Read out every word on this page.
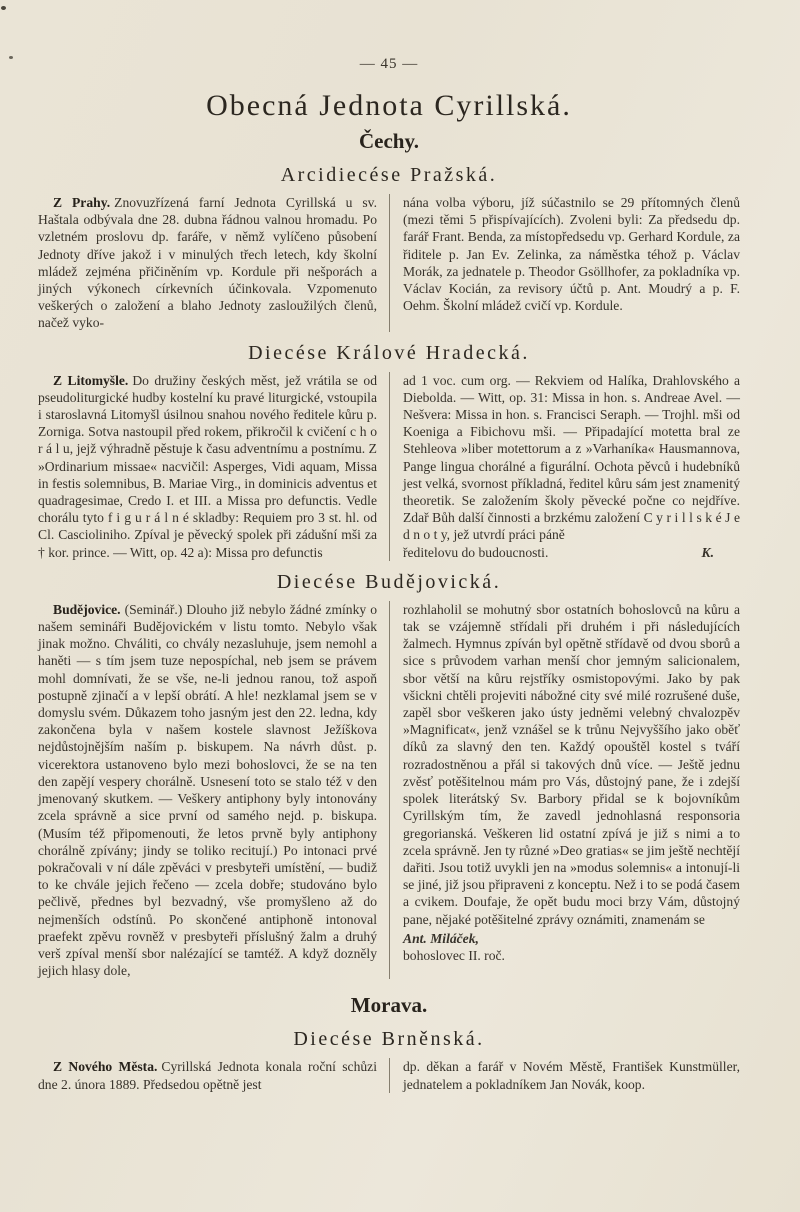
— 45 —
Obecná Jednota Cyrillská.
Čechy.
Arcidiecése Pražská.

Z Prahy. Znovuzřízená farní Jednota Cyrillská u sv. Haštala odbývala dne 28. dubna řádnou valnou hromadu. Po vzletném proslovu dp. faráře, v němž vylíčeno působení Jednoty dříve jakož i v minulých třech letech, kdy školní mládež zejména přičiněním vp. Kordule při nešporách a jiných výkonech církevních účinkovala. Vzpomenuto veškerých o založení a blaho Jednoty zasloužilých členů, načež vyko-

nána volba výboru, jíž súčastnilo se 29 přítomných členů (mezi těmi 5 přispívajících). Zvoleni byli: Za předsedu dp. farář Frant. Benda, za místopředsedu vp. Gerhard Kordule, za řiditele p. Jan Ev. Zelinka, za náměstka téhož p. Václav Morák, za jednatele p. Theodor Gsöllhofer, za pokladníka vp. Václav Kocián, za revisory účtů p. Ant. Moudrý a p. F. Oehm. Školní mládež cvičí vp. Kordule.

Diecése Králové Hradecká.

Z Litomyšle. Do družiny českých měst, jež vrátila se od pseudoliturgické hudby kostelní ku pravé liturgické, vstoupila i staroslavná Litomyšl úsilnou snahou nového ředitele kůru p. Zorniga. Sotva nastoupil před rokem, přikročil k cvičení c h o r á l u, jejž výhradně pěstuje k času adventnímu a postnímu. Z »Ordinarium missae« nacvičil: Asperges, Vidi aquam, Missa in festis solemnibus, B. Mariae Virg., in dominicis adventus et quadragesimae, Credo I. et III. a Missa pro defunctis. Vedle chorálu tyto f i g u r á l n é skladby: Requiem pro 3 st. hl. od Cl. Cascioliniho. Zpíval je pěvecký spolek při zádušní mši za † kor. prince. — Witt, op. 42 a): Missa pro defunctis

ad 1 voc. cum org. — Rekviem od Halíka, Drahlovského a Diebolda. — Witt, op. 31: Missa in hon. s. Andreae Avel. — Nešvera: Missa in hon. s. Francisci Seraph. — Trojhl. mši od Koeniga a Fibichovu mši. — Připadající motetta bral ze Stehleova »liber motettorum a z »Varhaníka« Hausmannova, Pange lingua chorálné a figurální. Ochota pěvců i hudebníků jest velká, svornost příkladná, ředitel kůru sám jest znamenitý theoretik. Se založením školy pěvecké počne co nejdříve. Zdař Bůh další činnosti a brzkému založení C y r i l l s k é J e d n o t y, jež utvrdí práci páně

ředitelovu do budoucnosti.	K.
Diecése Budějovická.

Budějovice. (Seminář.) Dlouho již nebylo žádné zmínky o našem semináři Budějovickém v listu tomto. Nebylo však jinak možno. Chváliti, co chvály nezasluhuje, jsem nemohl a haněti — s tím jsem tuze nepospíchal, neb jsem se právem mohl domnívati, že se vše, ne-li jednou ranou, tož aspoň postupně zjinačí a v lepší obrátí. A hle! nezklamal jsem se v domyslu svém. Důkazem toho jasným jest den 22. ledna, kdy zakončena byla v našem kostele slavnost Ježíškova nejdůstojnějším naším p. biskupem. Na návrh důst. p. vicerektora ustanoveno bylo mezi bohoslovci, že se na ten den zapějí vespery chorálně. Usnesení toto se stalo též v den jmenovaný skutkem. — Veškery antiphony byly intonovány zcela správně a sice první od samého nejd. p. biskupa. (Musím též připomenouti, že letos prvně byly antiphony chorálně zpívány; jindy se toliko recitují.) Po intonaci prvé pokračovali v ní dále zpěváci v presbyteři umístění, — budiž to ke chvále jejich řečeno — zcela dobře; studováno bylo pečlivě, přednes byl bezvadný, vše promyšleno až do nejmenších odstínů. Po skončené antiphoně intonoval praefekt zpěvu rovněž v presbyteři příslušný žalm a druhý verš zpíval menší sbor nalézající se tamtéž. A když dozněly jejich hlasy dole,

rozhlaholil se mohutný sbor ostatních bohoslovců na kůru a tak se vzájemně střídali při druhém i při následujících žalmech. Hymnus zpíván byl opětně střídavě od dvou sborů a sice s průvodem varhan menší chor jemným salicionalem, sbor větší na kůru rejstříky osmistopovými. Jako by pak všickni chtěli projeviti nábožné city své milé rozrušené duše, zapěl sbor veškeren jako ústy jedněmi velebný chvalozpěv »Magnificat«, jenž vznášel se k trůnu Nejvyššího jako oběť díků za slavný den ten. Každý opouštěl kostel s tváří rozradostněnou a přál si takových dnů více. — Ještě jednu zvěsť potěšitelnou mám pro Vás, důstojný pane, že i zdejší spolek literátský Sv. Barbory přidal se k bojovníkům Cyrillským tím, že zavedl jednohlasná responsoria gregorianská. Veškeren lid ostatní zpívá je již s nimi a to zcela správně. Jen ty různé »Deo gratias« se jim ještě nechtějí dařiti. Jsou totiž uvykli jen na »modus solemnis« a intonují-li se jiné, již jsou připraveni z konceptu. Než i to se podá časem a cvikem. Doufaje, že opět budu moci brzy Vám, důstojný pane, nějaké potěšitelné zprávy oznámiti, znamenám se

Ant. Miláček,

bohoslovec II. roč.

Morava.
Diecése Brněnská.

Z Nového Města. Cyrillská Jednota konala roční schůzi dne 2. února 1889. Předsedou opětně jest

dp. děkan a farář v Novém Městě, František Kunstmüller, jednatelem a pokladníkem Jan Novák, koop.
